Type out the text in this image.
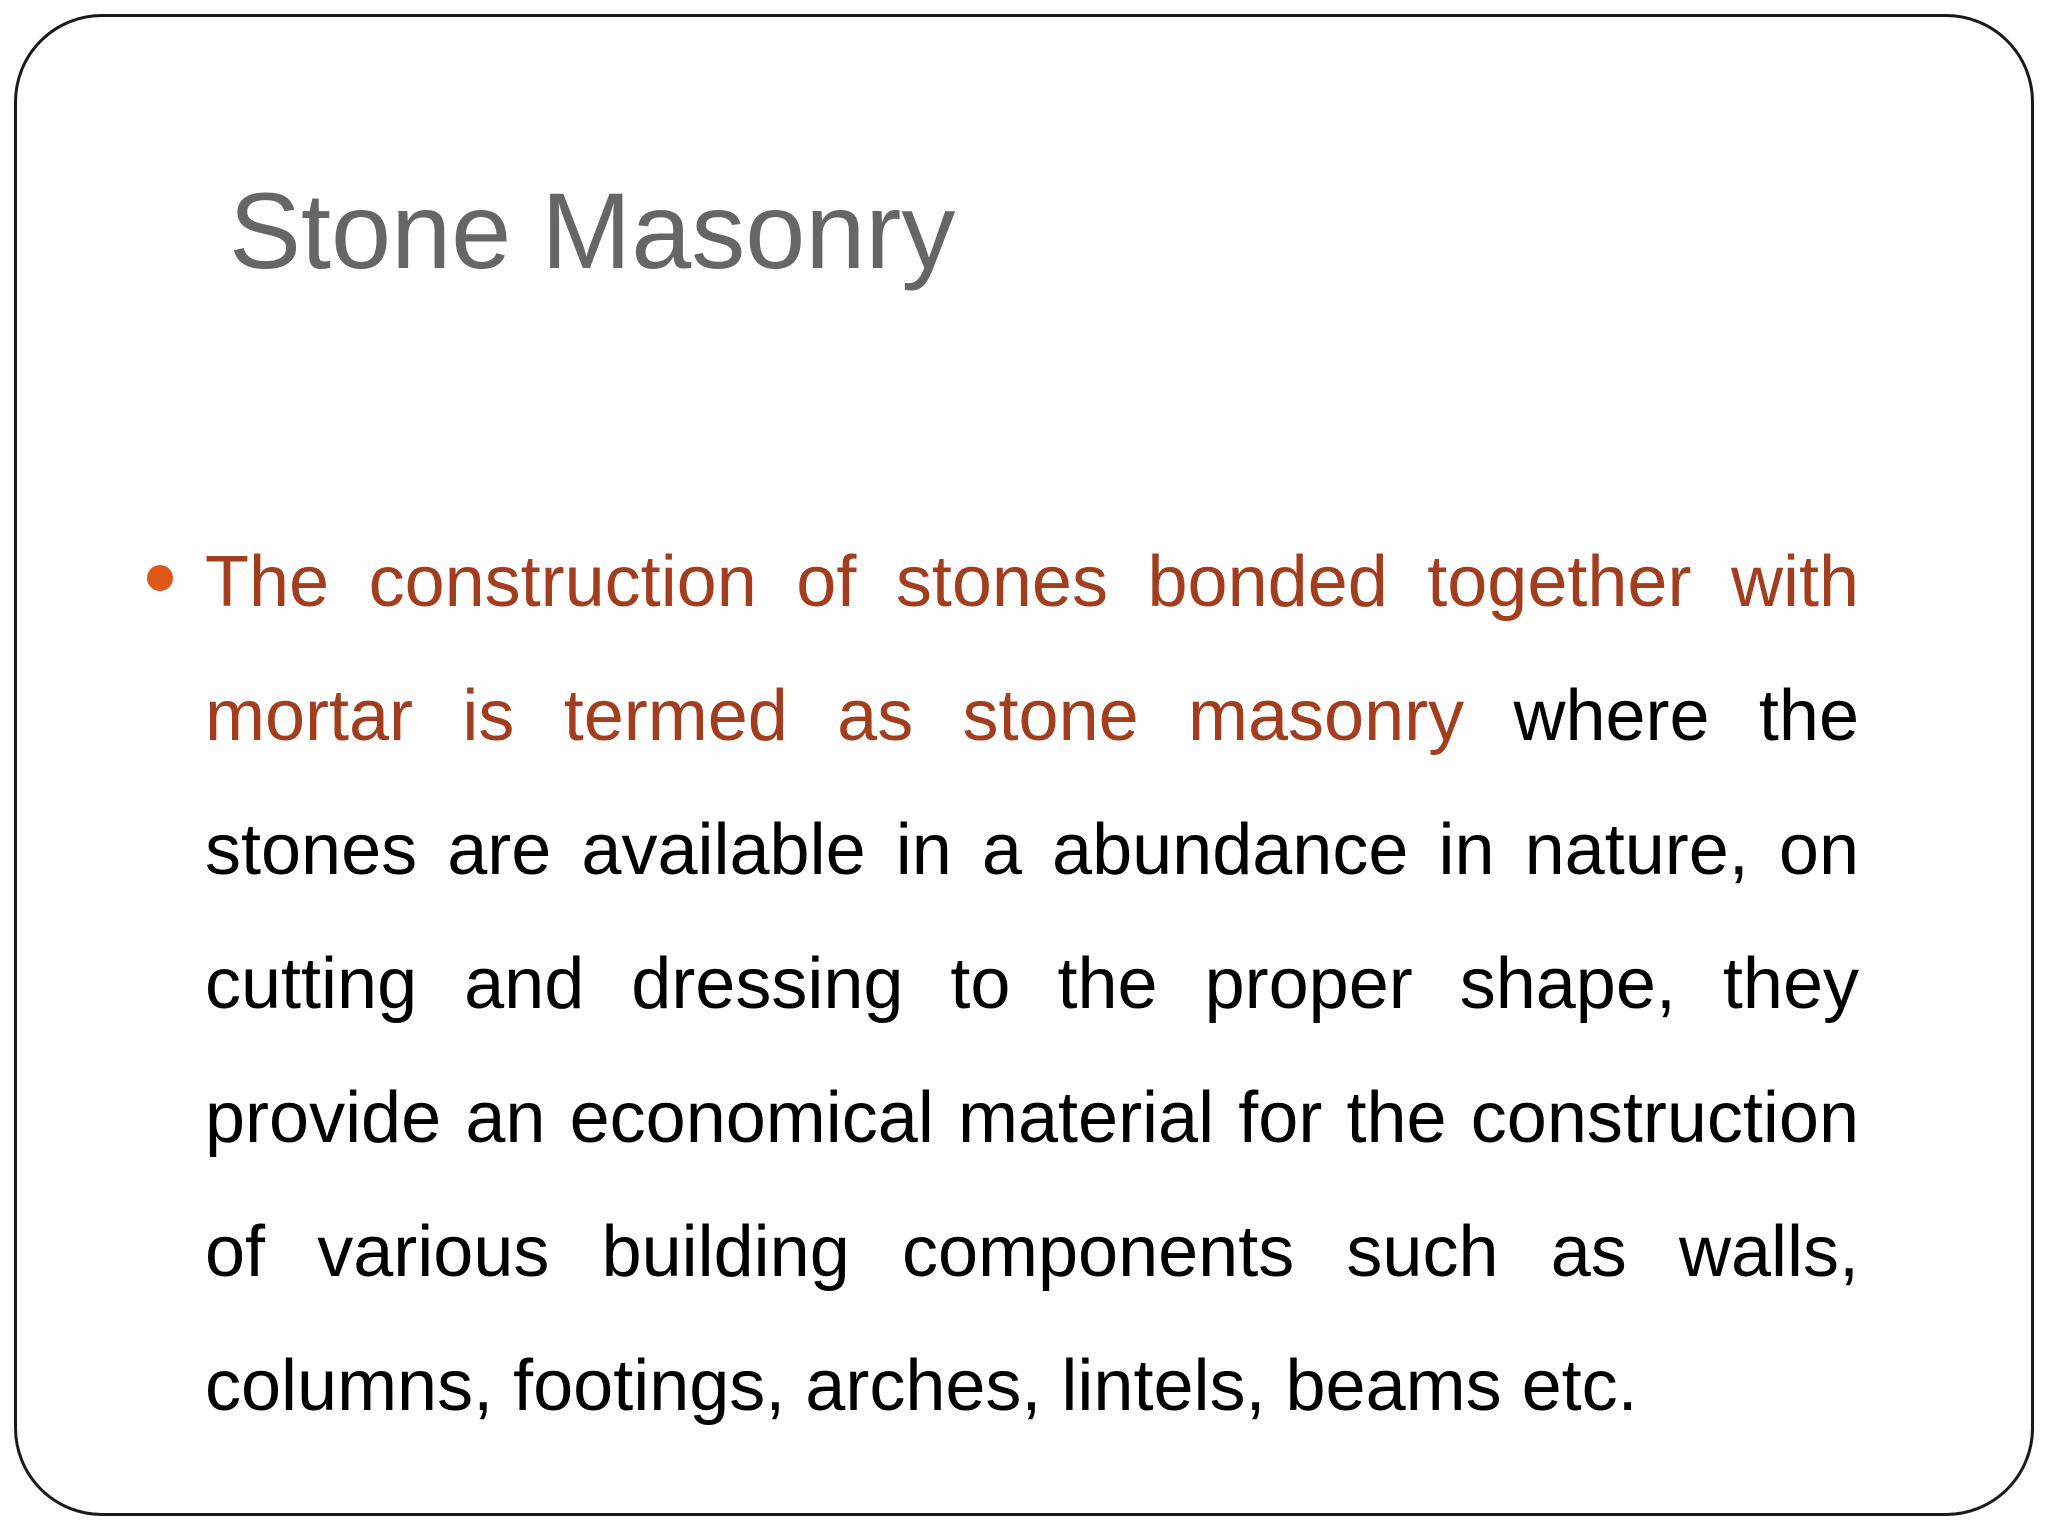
Stone Masonry

The construction of stones bonded together with mortar is termed as stone masonry where the stones are available in a abundance in nature, on cutting and dressing to the proper shape, they provide an economical material for the construction of various building components such as walls, columns, footings, arches, lintels, beams etc.
